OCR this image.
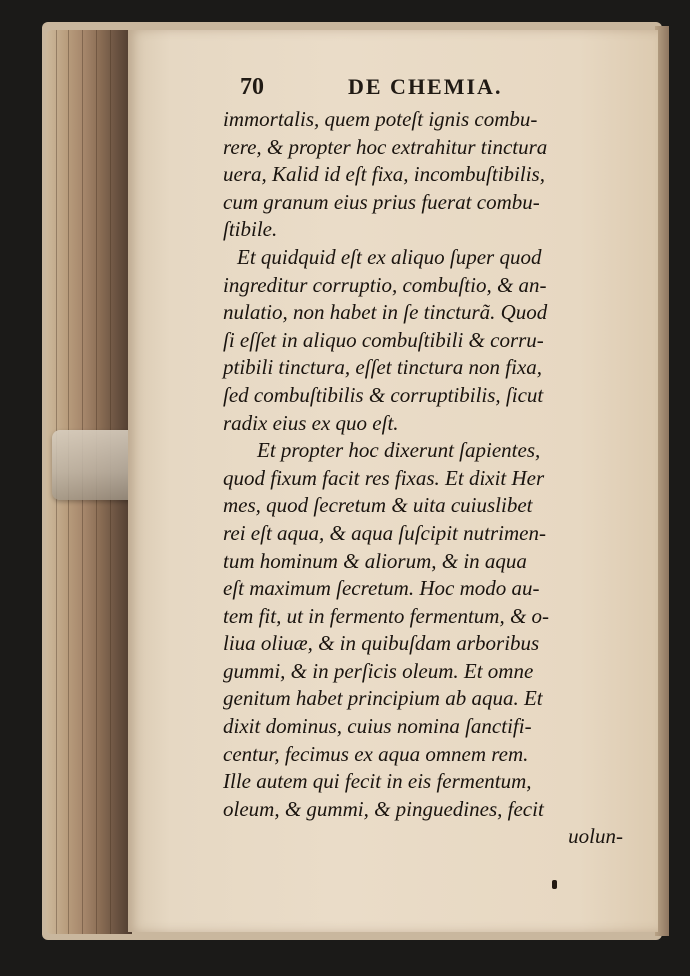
70	DE CHEMIA.
immortalis, quem poteſt ignis combu-
rere, & propter hoc extrahitur tinctura
uera, Kalid id eſt fixa, incombuſtibilis,
cum granum eius prius fuerat combu-
ſtibile.
Et quidquid eſt ex aliquo ſuper quod
ingreditur corruptio, combuſtio, & an-
nulatio, non habet in ſe tincturã. Quod
ſi eſſet in aliquo combuſtibili & corru-
ptibili tinctura, eſſet tinctura non fixa,
ſed combuſtibilis & corruptibilis, ſicut
radix eius ex quo eſt.
Et propter hoc dixerunt ſapientes,
quod fixum facit res fixas. Et dixit Her
mes, quod ſecretum & uita cuiuslibet
rei eſt aqua, & aqua ſuſcipit nutrimen-
tum hominum & aliorum, & in aqua
eſt maximum ſecretum. Hoc modo au-
tem fit, ut in fermento fermentum, & o-
liua oliuæ, & in quibuſdam arboribus
gummi, & in perſicis oleum. Et omne
genitum habet principium ab aqua. Et
dixit dominus, cuius nomina ſanctifi-
centur, fecimus ex aqua omnem rem.
Ille autem qui fecit in eis fermentum,
oleum, & gummi, & pinguedines, fecit
uolun-
